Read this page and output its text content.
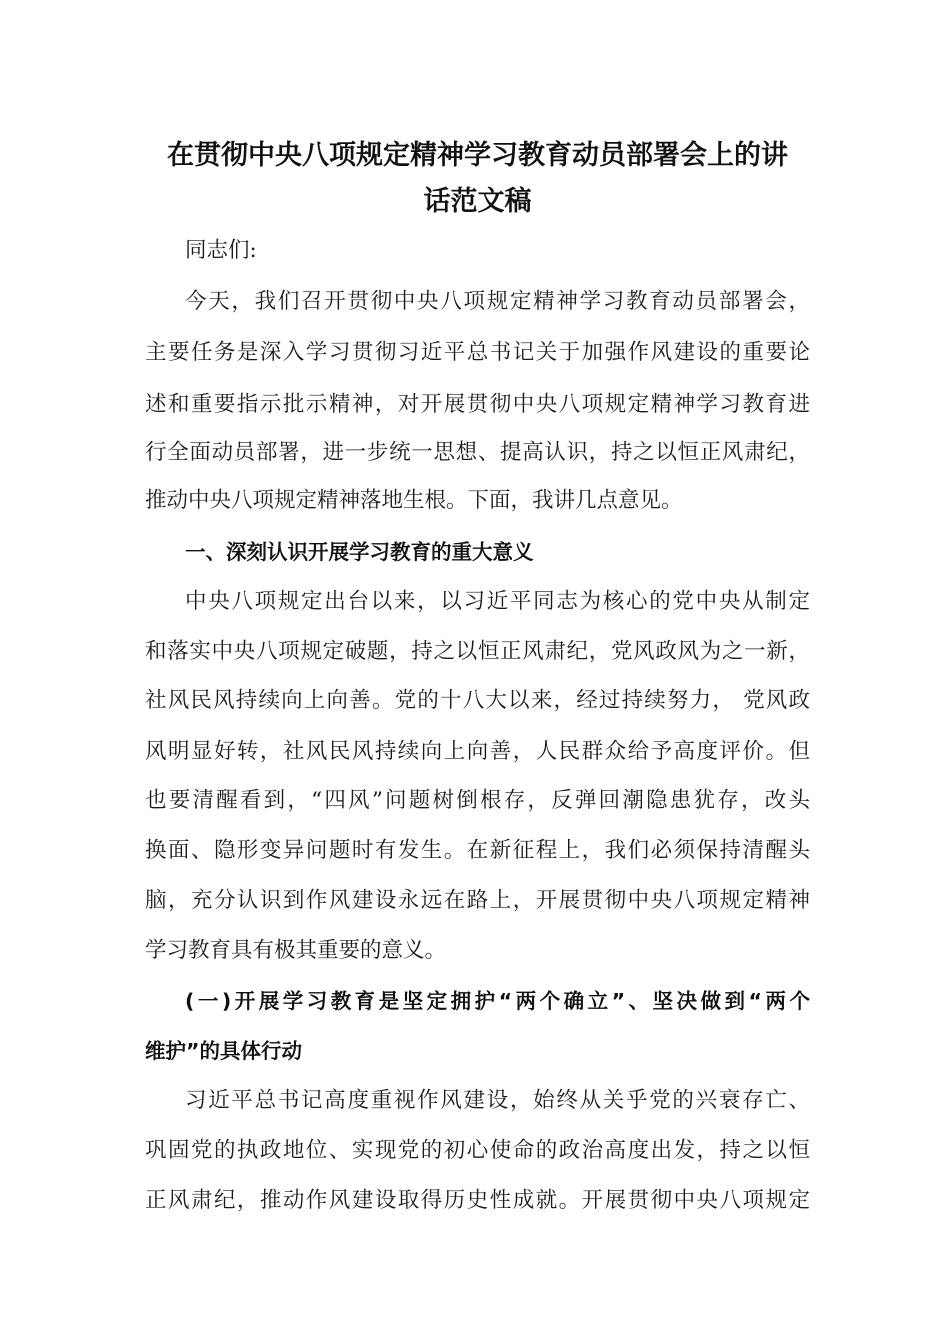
在贯彻中央八项规定精神学习教育动员部署会上的讲
话范文稿
同志们:
今天，我们召开贯彻中央八项规定精神学习教育动员部署会，
主要任务是深入学习贯彻习近平总书记关于加强作风建设的重要论
述和重要指示批示精神，对开展贯彻中央八项规定精神学习教育进
行全面动员部署，进一步统一思想、提高认识，持之以恒正风肃纪，
推动中央八项规定精神落地生根。下面，我讲几点意见。
一、深刻认识开展学习教育的重大意义
中央八项规定出台以来，以习近平同志为核心的党中央从制定
和落实中央八项规定破题，持之以恒正风肃纪，党风政风为之一新，
社风民风持续向上向善。党的十八大以来，经过持续努力， 党风政
风明显好转，社风民风持续向上向善，人民群众给予高度评价。但
也要清醒看到，“四风”问题树倒根存，反弹回潮隐患犹存，改头
换面、隐形变异问题时有发生。在新征程上，我们必须保持清醒头
脑，充分认识到作风建设永远在路上，开展贯彻中央八项规定精神
学习教育具有极其重要的意义。
(一)开展学习教育是坚定拥护“两个确立”、坚决做到“两个
维护”的具体行动
习近平总书记高度重视作风建设，始终从关乎党的兴衰存亡、
巩固党的执政地位、实现党的初心使命的政治高度出发，持之以恒
正风肃纪，推动作风建设取得历史性成就。开展贯彻中央八项规定
